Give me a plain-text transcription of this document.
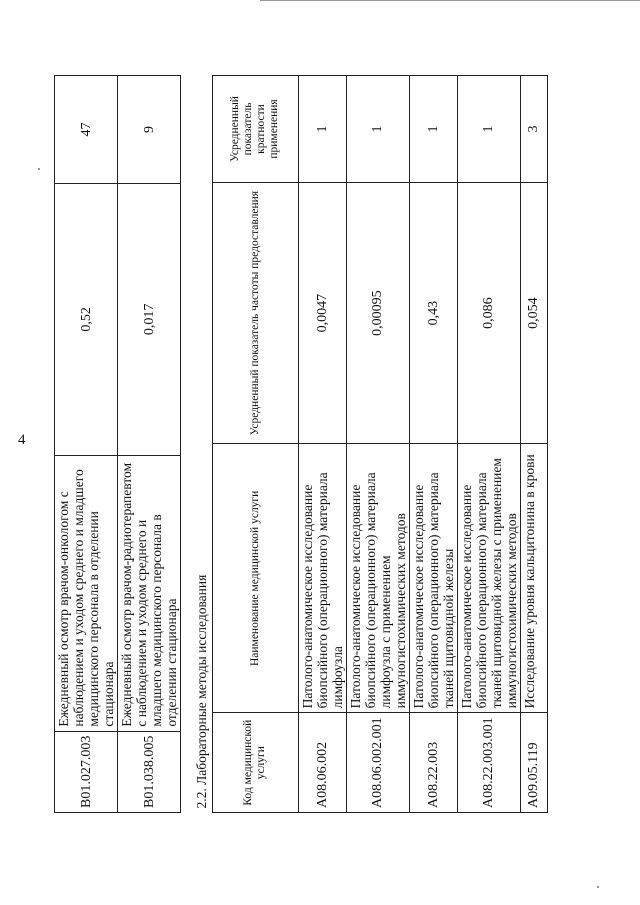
4
B01.027.003	Ежедневный осмотр врачом-онкологом с наблюдением и уходом среднего и младшего медицинского персонала в отделении стационара	0,52	47
B01.038.005	Ежедневный осмотр врачом-радиотерапевтом с наблюдением и уходом среднего и младшего медицинского персонала в отделении стационара	0,017	9
2.2. Лабораторные методы исследования			
Код медицинской услуги	Наименование медицинской услуги	Усредненный показатель частоты предоставления	Усредненный показатель кратности применения
A08.06.002	Патолого-анатомическое исследование биопсийного (операционного) материала лимфоузла	0,0047	1
A08.06.002.001	Патолого-анатомическое исследование биопсийного (операционного) материала лимфоузла с применением иммуногистохимических методов	0,00095	1
A08.22.003	Патолого-анатомическое исследование биопсийного (операционного) материала тканей щитовидной железы	0,43	1
A08.22.003.001	Патолого-анатомическое исследование биопсийного (операционного) материала тканей щитовидной железы с применением иммуногистохимических методов	0,086	1
A09.05.119	Исследование уровня кальцитонина в крови	0,054	3
